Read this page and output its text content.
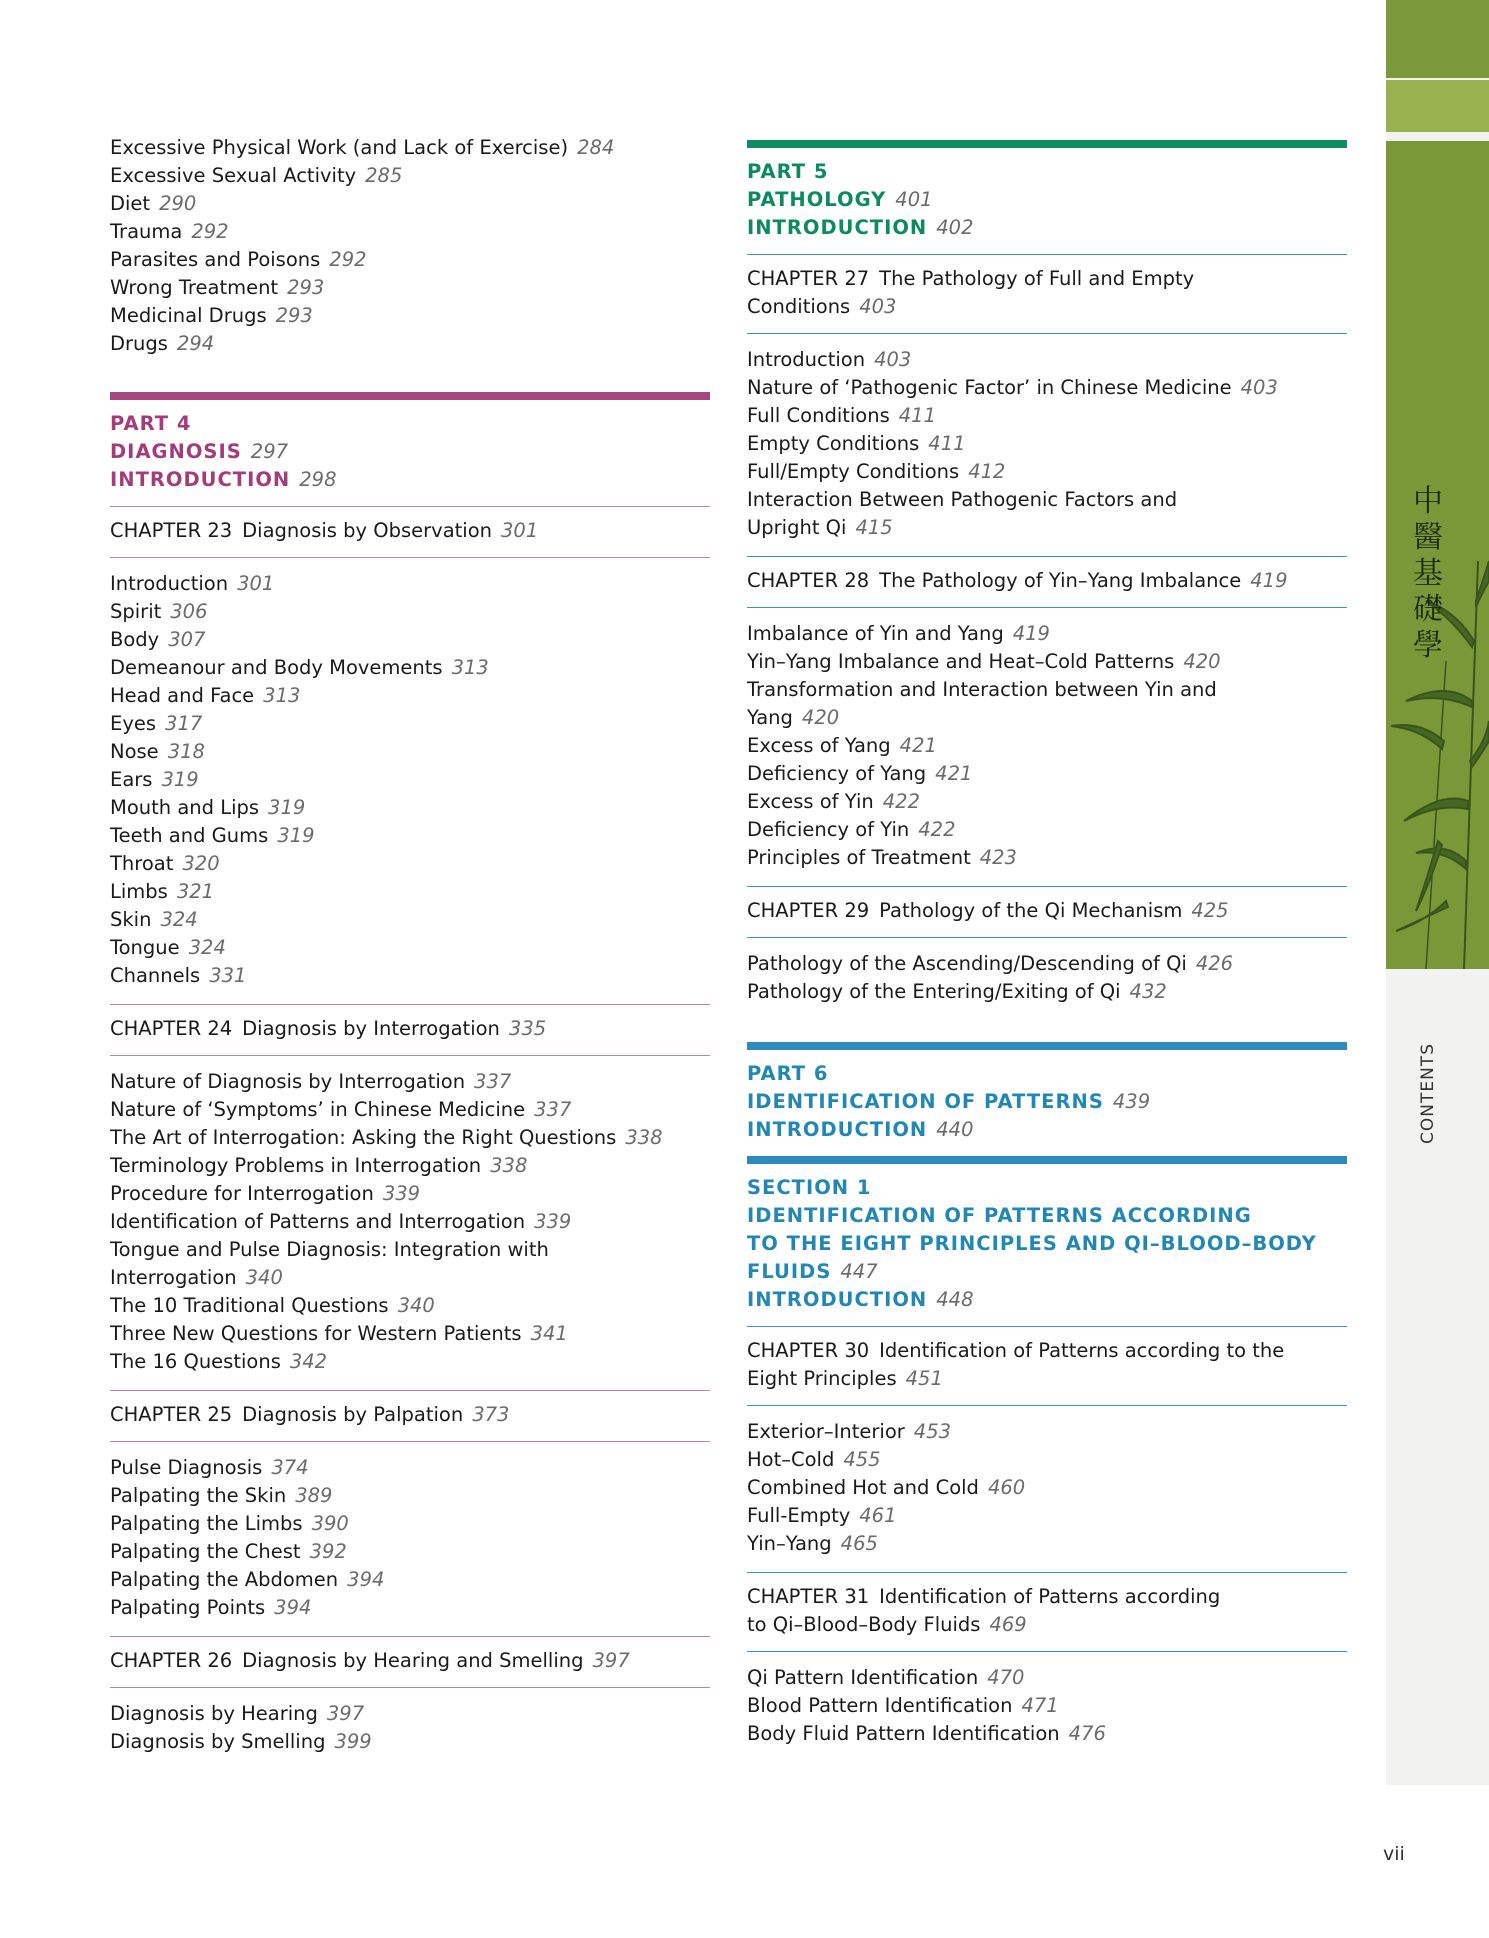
中
醫
基
礎
學
CONTENTS
Excessive Physical Work (and Lack of Exercise) 284
Excessive Sexual Activity 285
Diet 290
Trauma 292
Parasites and Poisons 292
Wrong Treatment 293
Medicinal Drugs 293
Drugs 294
PART 4
DIAGNOSIS 297
INTRODUCTION 298
CHAPTER 23 Diagnosis by Observation 301
Introduction 301
Spirit 306
Body 307
Demeanour and Body Movements 313
Head and Face 313
Eyes 317
Nose 318
Ears 319
Mouth and Lips 319
Teeth and Gums 319
Throat 320
Limbs 321
Skin 324
Tongue 324
Channels 331
CHAPTER 24 Diagnosis by Interrogation 335
Nature of Diagnosis by Interrogation 337
Nature of ‘Symptoms’ in Chinese Medicine 337
The Art of Interrogation: Asking the Right Questions 338
Terminology Problems in Interrogation 338
Procedure for Interrogation 339
Identification of Patterns and Interrogation 339
Tongue and Pulse Diagnosis: Integration with
Interrogation 340
The 10 Traditional Questions 340
Three New Questions for Western Patients 341
The 16 Questions 342
CHAPTER 25 Diagnosis by Palpation 373
Pulse Diagnosis 374
Palpating the Skin 389
Palpating the Limbs 390
Palpating the Chest 392
Palpating the Abdomen 394
Palpating Points 394
CHAPTER 26 Diagnosis by Hearing and Smelling 397
Diagnosis by Hearing 397
Diagnosis by Smelling 399
PART 5
PATHOLOGY 401
INTRODUCTION 402
CHAPTER 27 The Pathology of Full and Empty
Conditions 403
Introduction 403
Nature of ‘Pathogenic Factor’ in Chinese Medicine 403
Full Conditions 411
Empty Conditions 411
Full/Empty Conditions 412
Interaction Between Pathogenic Factors and
Upright Qi 415
CHAPTER 28 The Pathology of Yin–Yang Imbalance 419
Imbalance of Yin and Yang 419
Yin–Yang Imbalance and Heat–Cold Patterns 420
Transformation and Interaction between Yin and
Yang 420
Excess of Yang 421
Deficiency of Yang 421
Excess of Yin 422
Deficiency of Yin 422
Principles of Treatment 423
CHAPTER 29 Pathology of the Qi Mechanism 425
Pathology of the Ascending/Descending of Qi 426
Pathology of the Entering/Exiting of Qi 432
PART 6
IDENTIFICATION OF PATTERNS 439
INTRODUCTION 440
SECTION 1
IDENTIFICATION OF PATTERNS ACCORDING
TO THE EIGHT PRINCIPLES AND QI–BLOOD–BODY
FLUIDS 447
INTRODUCTION 448
CHAPTER 30 Identification of Patterns according to the
Eight Principles 451
Exterior–Interior 453
Hot–Cold 455
Combined Hot and Cold 460
Full-Empty 461
Yin–Yang 465
CHAPTER 31 Identification of Patterns according
to Qi–Blood–Body Fluids 469
Qi Pattern Identification 470
Blood Pattern Identification 471
Body Fluid Pattern Identification 476
vii
